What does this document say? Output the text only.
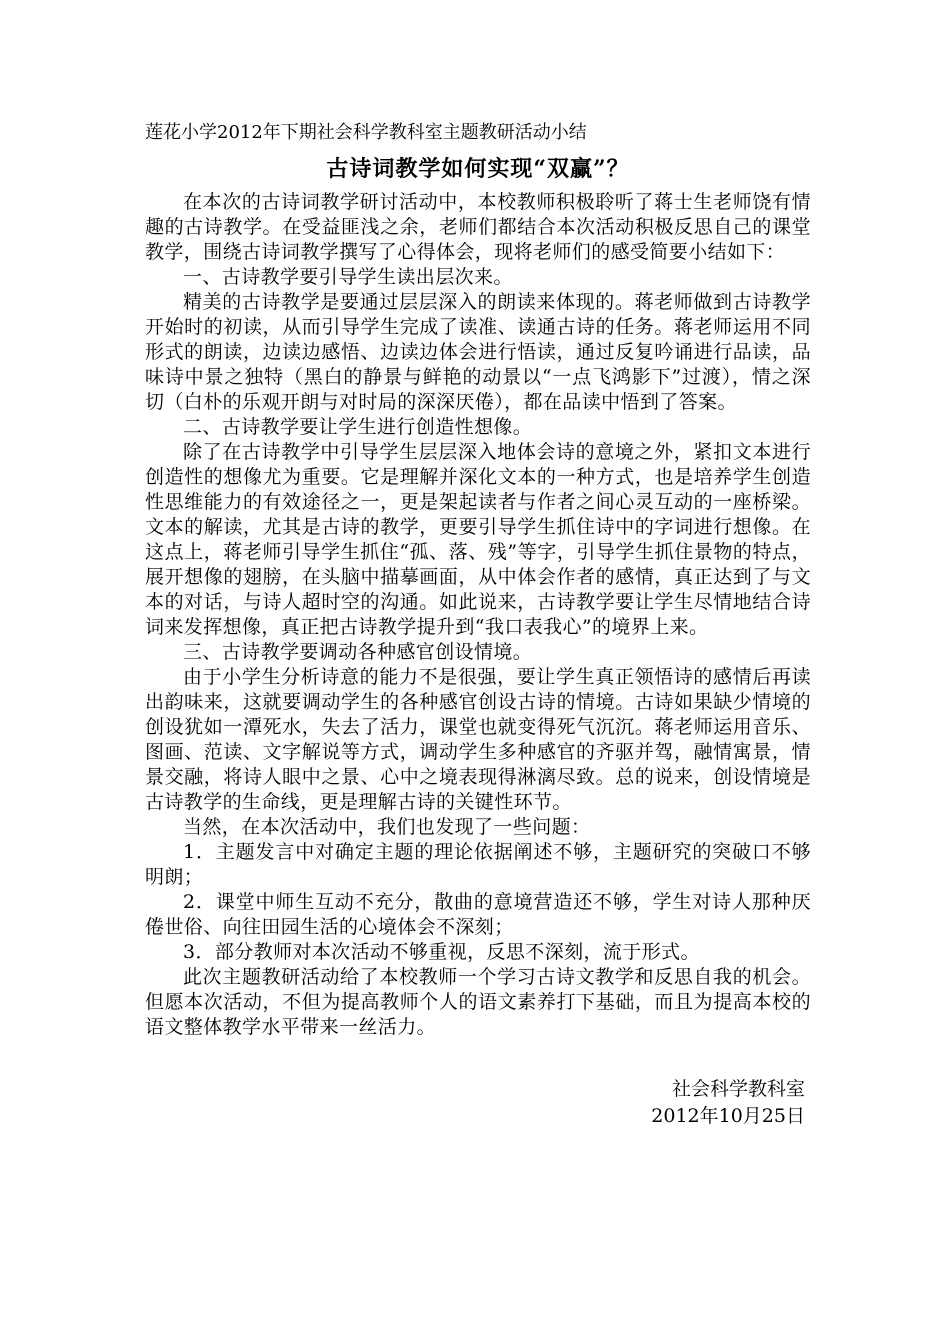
莲花小学2012年下期社会科学教科室主题教研活动小结
古诗词教学如何实现“双赢”？

在本次的古诗词教学研讨活动中，本校教师积极聆听了蒋士生老师饶有情趣的古诗教学。在受益匪浅之余，老师们都结合本次活动积极反思自己的课堂教学，围绕古诗词教学撰写了心得体会，现将老师们的感受简要小结如下：

一、古诗教学要引导学生读出层次来。

精美的古诗教学是要通过层层深入的朗读来体现的。蒋老师做到古诗教学开始时的初读，从而引导学生完成了读准、读通古诗的任务。蒋老师运用不同形式的朗读，边读边感悟、边读边体会进行悟读，通过反复吟诵进行品读，品味诗中景之独特（黑白的静景与鲜艳的动景以“一点飞鸿影下”过渡），情之深切（白朴的乐观开朗与对时局的深深厌倦），都在品读中悟到了答案。

二、古诗教学要让学生进行创造性想像。

除了在古诗教学中引导学生层层深入地体会诗的意境之外，紧扣文本进行创造性的想像尤为重要。它是理解并深化文本的一种方式，也是培养学生创造性思维能力的有效途径之一，更是架起读者与作者之间心灵互动的一座桥梁。文本的解读，尤其是古诗的教学，更要引导学生抓住诗中的字词进行想像。在这点上，蒋老师引导学生抓住“孤、落、残”等字，引导学生抓住景物的特点，展开想像的翅膀，在头脑中描摹画面，从中体会作者的感情，真正达到了与文本的对话，与诗人超时空的沟通。如此说来，古诗教学要让学生尽情地结合诗词来发挥想像，真正把古诗教学提升到“我口表我心”的境界上来。

三、古诗教学要调动各种感官创设情境。

由于小学生分析诗意的能力不是很强，要让学生真正领悟诗的感情后再读出韵味来，这就要调动学生的各种感官创设古诗的情境。古诗如果缺少情境的创设犹如一潭死水，失去了活力，课堂也就变得死气沉沉。蒋老师运用音乐、图画、范读、文字解说等方式，调动学生多种感官的齐驱并驾，融情寓景，情景交融，将诗人眼中之景、心中之境表现得淋漓尽致。总的说来，创设情境是古诗教学的生命线，更是理解古诗的关键性环节。

当然，在本次活动中，我们也发现了一些问题：

1．主题发言中对确定主题的理论依据阐述不够，主题研究的突破口不够明朗；

2．课堂中师生互动不充分，散曲的意境营造还不够，学生对诗人那种厌倦世俗、向往田园生活的心境体会不深刻；

3．部分教师对本次活动不够重视，反思不深刻，流于形式。

此次主题教研活动给了本校教师一个学习古诗文教学和反思自我的机会。但愿本次活动，不但为提高教师个人的语文素养打下基础，而且为提高本校的语文整体教学水平带来一丝活力。

社会科学教科室
2012年10月25日
